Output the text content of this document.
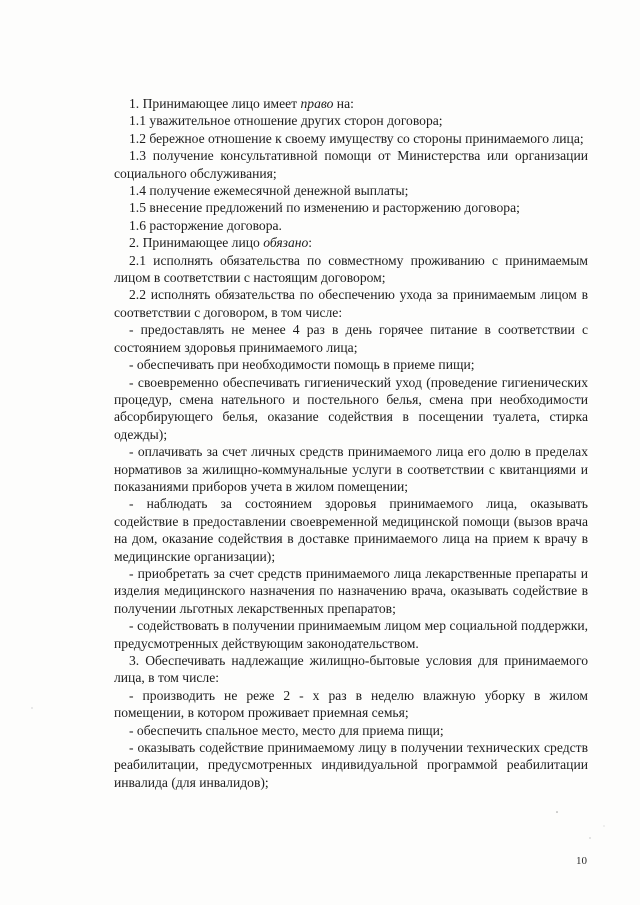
1. Принимающее лицо имеет право на:

1.1 уважительное отношение других сторон договора;

1.2 бережное отношение к своему имуществу со стороны принимаемого лица;

1.3 получение консультативной помощи от Министерства или организации социального обслуживания;

1.4 получение ежемесячной денежной выплаты;

1.5 внесение предложений по изменению и расторжению договора;

1.6 расторжение договора.

2. Принимающее лицо обязано:

2.1 исполнять обязательства по совместному проживанию с принимаемым лицом в соответствии с настоящим договором;

2.2 исполнять обязательства по обеспечению ухода за принимаемым лицом в соответствии с договором, в том числе:

- предоставлять не менее 4 раз в день горячее питание в соответствии с состоянием здоровья принимаемого лица;

- обеспечивать при необходимости помощь в приеме пищи;

- своевременно обеспечивать гигиенический уход (проведение гигиенических процедур, смена нательного и постельного белья, смена при необходимости абсорбирующего белья, оказание содействия в посещении туалета, стирка одежды);

- оплачивать за счет личных средств принимаемого лица его долю в пределах нормативов за жилищно-коммунальные услуги в соответствии с квитанциями и показаниями приборов учета в жилом помещении;

- наблюдать за состоянием здоровья принимаемого лица, оказывать содействие в предоставлении своевременной медицинской помощи (вызов врача на дом, оказание содействия в доставке принимаемого лица на прием к врачу в медицинские организации);

- приобретать за счет средств принимаемого лица лекарственные препараты и изделия медицинского назначения по назначению врача, оказывать содействие в получении льготных лекарственных препаратов;

- содействовать в получении принимаемым лицом мер социальной поддержки, предусмотренных действующим законодательством.

3. Обеспечивать надлежащие жилищно-бытовые условия для принимаемого лица, в том числе:

- производить не реже 2 - х раз в неделю влажную уборку в жилом помещении, в котором проживает приемная семья;

- обеспечить спальное место, место для приема пищи;

- оказывать содействие принимаемому лицу в получении технических средств реабилитации, предусмотренных индивидуальной программой реабилитации инвалида (для инвалидов);

10
